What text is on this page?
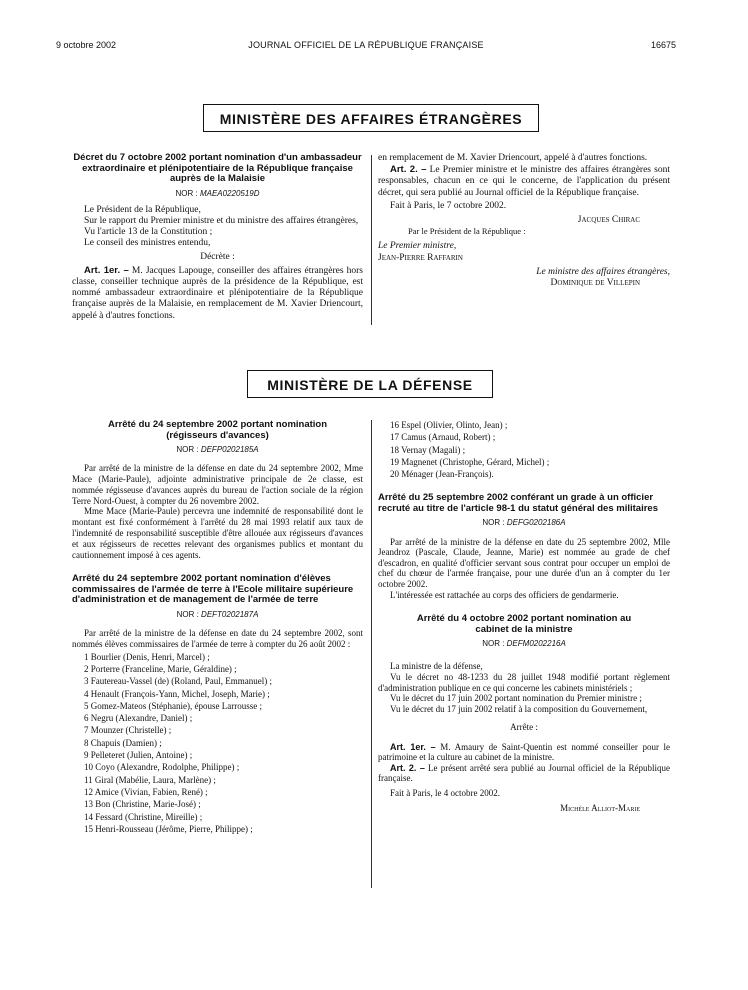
9 octobre 2002	JOURNAL OFFICIEL DE LA RÉPUBLIQUE FRANÇAISE	16675
MINISTÈRE DES AFFAIRES ÉTRANGÈRES
Décret du 7 octobre 2002 portant nomination d'un ambassadeur extraordinaire et plénipotentiaire de la République française auprès de la Malaisie
NOR : MAEA0220519D

Le Président de la République,

Sur le rapport du Premier ministre et du ministre des affaires étrangères,

Vu l'article 13 de la Constitution ;

Le conseil des ministres entendu,

Décrète :

Art. 1er. – M. Jacques Lapouge, conseiller des affaires étrangères hors classe, conseiller technique auprès de la présidence de la République, est nommé ambassadeur extraordinaire et plénipotentiaire de la République française auprès de la Malaisie, en remplacement de M. Xavier Driencourt, appelé à d'autres fonctions.

en remplacement de M. Xavier Driencourt, appelé à d'autres fonctions.

Art. 2. – Le Premier ministre et le ministre des affaires étrangères sont responsables, chacun en ce qui le concerne, de l'application du présent décret, qui sera publié au Journal officiel de la République française.

Fait à Paris, le 7 octobre 2002.

Jacques Chirac

Par le Président de la République :

Le Premier ministre,

Jean-Pierre Raffarin

Le ministre des affaires étrangères,

Dominique de Villepin

MINISTÈRE DE LA DÉFENSE
Arrêté du 24 septembre 2002 portant nomination (régisseurs d'avances)
NOR : DEFP0202185A

Par arrêté de la ministre de la défense en date du 24 septembre 2002, Mme Mace (Marie-Paule), adjointe administrative principale de 2e classe, est nommée régisseuse d'avances auprès du bureau de l'action sociale de la région Terre Nord-Ouest, à compter du 26 novembre 2002.

Mme Mace (Marie-Paule) percevra une indemnité de responsabilité dont le montant est fixé conformément à l'arrêté du 28 mai 1993 relatif aux taux de l'indemnité de responsabilité susceptible d'être allouée aux régisseurs d'avances et aux régisseurs de recettes relevant des organismes publics et montant du cautionnement imposé à ces agents.

Arrêté du 24 septembre 2002 portant nomination d'élèves commissaires de l'armée de terre à l'Ecole militaire supérieure d'administration et de management de l'armée de terre
NOR : DEFT0202187A

Par arrêté de la ministre de la défense en date du 24 septembre 2002, sont nommés élèves commissaires de l'armée de terre à compter du 26 août 2002 :

1 Bourlier (Denis, Henri, Marcel) ;
2 Porterre (Franceline, Marie, Géraldine) ;
3 Fautereau-Vassel (de) (Roland, Paul, Emmanuel) ;
4 Henault (François-Yann, Michel, Joseph, Marie) ;
5 Gomez-Mateos (Stéphanie), épouse Larrousse ;
6 Negru (Alexandre, Daniel) ;
7 Mounzer (Christelle) ;
8 Chapuis (Damien) ;
9 Pelleteret (Julien, Antoine) ;
10 Coyo (Alexandre, Rodolphe, Philippe) ;
11 Giral (Mabélie, Laura, Marlène) ;
12 Amice (Vivian, Fabien, René) ;
13 Bon (Christine, Marie-José) ;
14 Fessard (Christine, Mireille) ;
15 Henri-Rousseau (Jérôme, Pierre, Philippe) ;
16 Espel (Olivier, Olinto, Jean) ;
17 Camus (Arnaud, Robert) ;
18 Vernay (Magali) ;
19 Magnenet (Christophe, Gérard, Michel) ;
20 Ménager (Jean-François).
Arrêté du 25 septembre 2002 conférant un grade à un officier recruté au titre de l'article 98-1 du statut général des militaires
NOR : DEFG0202186A

Par arrêté de la ministre de la défense en date du 25 septembre 2002, Mlle Jeandroz (Pascale, Claude, Jeanne, Marie) est nommée au grade de chef d'escadron, en qualité d'officier servant sous contrat pour occuper un emploi de chef du chœur de l'armée française, pour une durée d'un an à compter du 1er octobre 2002.

L'intéressée est rattachée au corps des officiers de gendarmerie.

Arrêté du 4 octobre 2002 portant nomination au cabinet de la ministre
NOR : DEFM0202216A

La ministre de la défense,

Vu le décret no 48-1233 du 28 juillet 1948 modifié portant règlement d'administration publique en ce qui concerne les cabinets ministériels ;

Vu le décret du 17 juin 2002 portant nomination du Premier ministre ;

Vu le décret du 17 juin 2002 relatif à la composition du Gouvernement,

Arrête :

Art. 1er. – M. Amaury de Saint-Quentin est nommé conseiller pour le patrimoine et la culture au cabinet de la ministre.

Art. 2. – Le présent arrêté sera publié au Journal officiel de la République française.

Fait à Paris, le 4 octobre 2002.

Michèle Alliot-Marie
